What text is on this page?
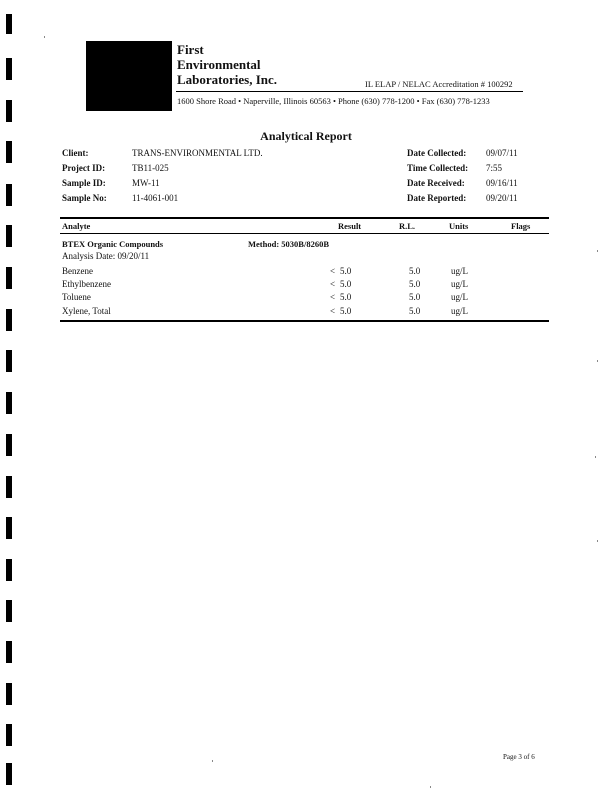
First
Environmental
Laboratories, Inc.	IL ELAP / NELAC Accreditation # 100292
1600 Shore Road • Naperville, Illinois 60563 • Phone (630) 778-1200 • Fax (630) 778-1233
Analytical Report
Client:	TRANS-ENVIRONMENTAL LTD.
Project ID:	TB11-025
Sample ID:	MW-11
Sample No:	11-4061-001
Date Collected: 09/07/11
Time Collected: 7:55
Date Received: 09/16/11
Date Reported: 09/20/11
Analyte	Result	R.L.	Units	Flags
BTEX Organic Compounds	Method: 5030B/8260B
Analysis Date: 09/20/11
Benzene	< 5.0	5.0	ug/L
Ethylbenzene	< 5.0	5.0	ug/L
Toluene	< 5.0	5.0	ug/L
Xylene, Total	< 5.0	5.0	ug/L
Page 3 of 6
